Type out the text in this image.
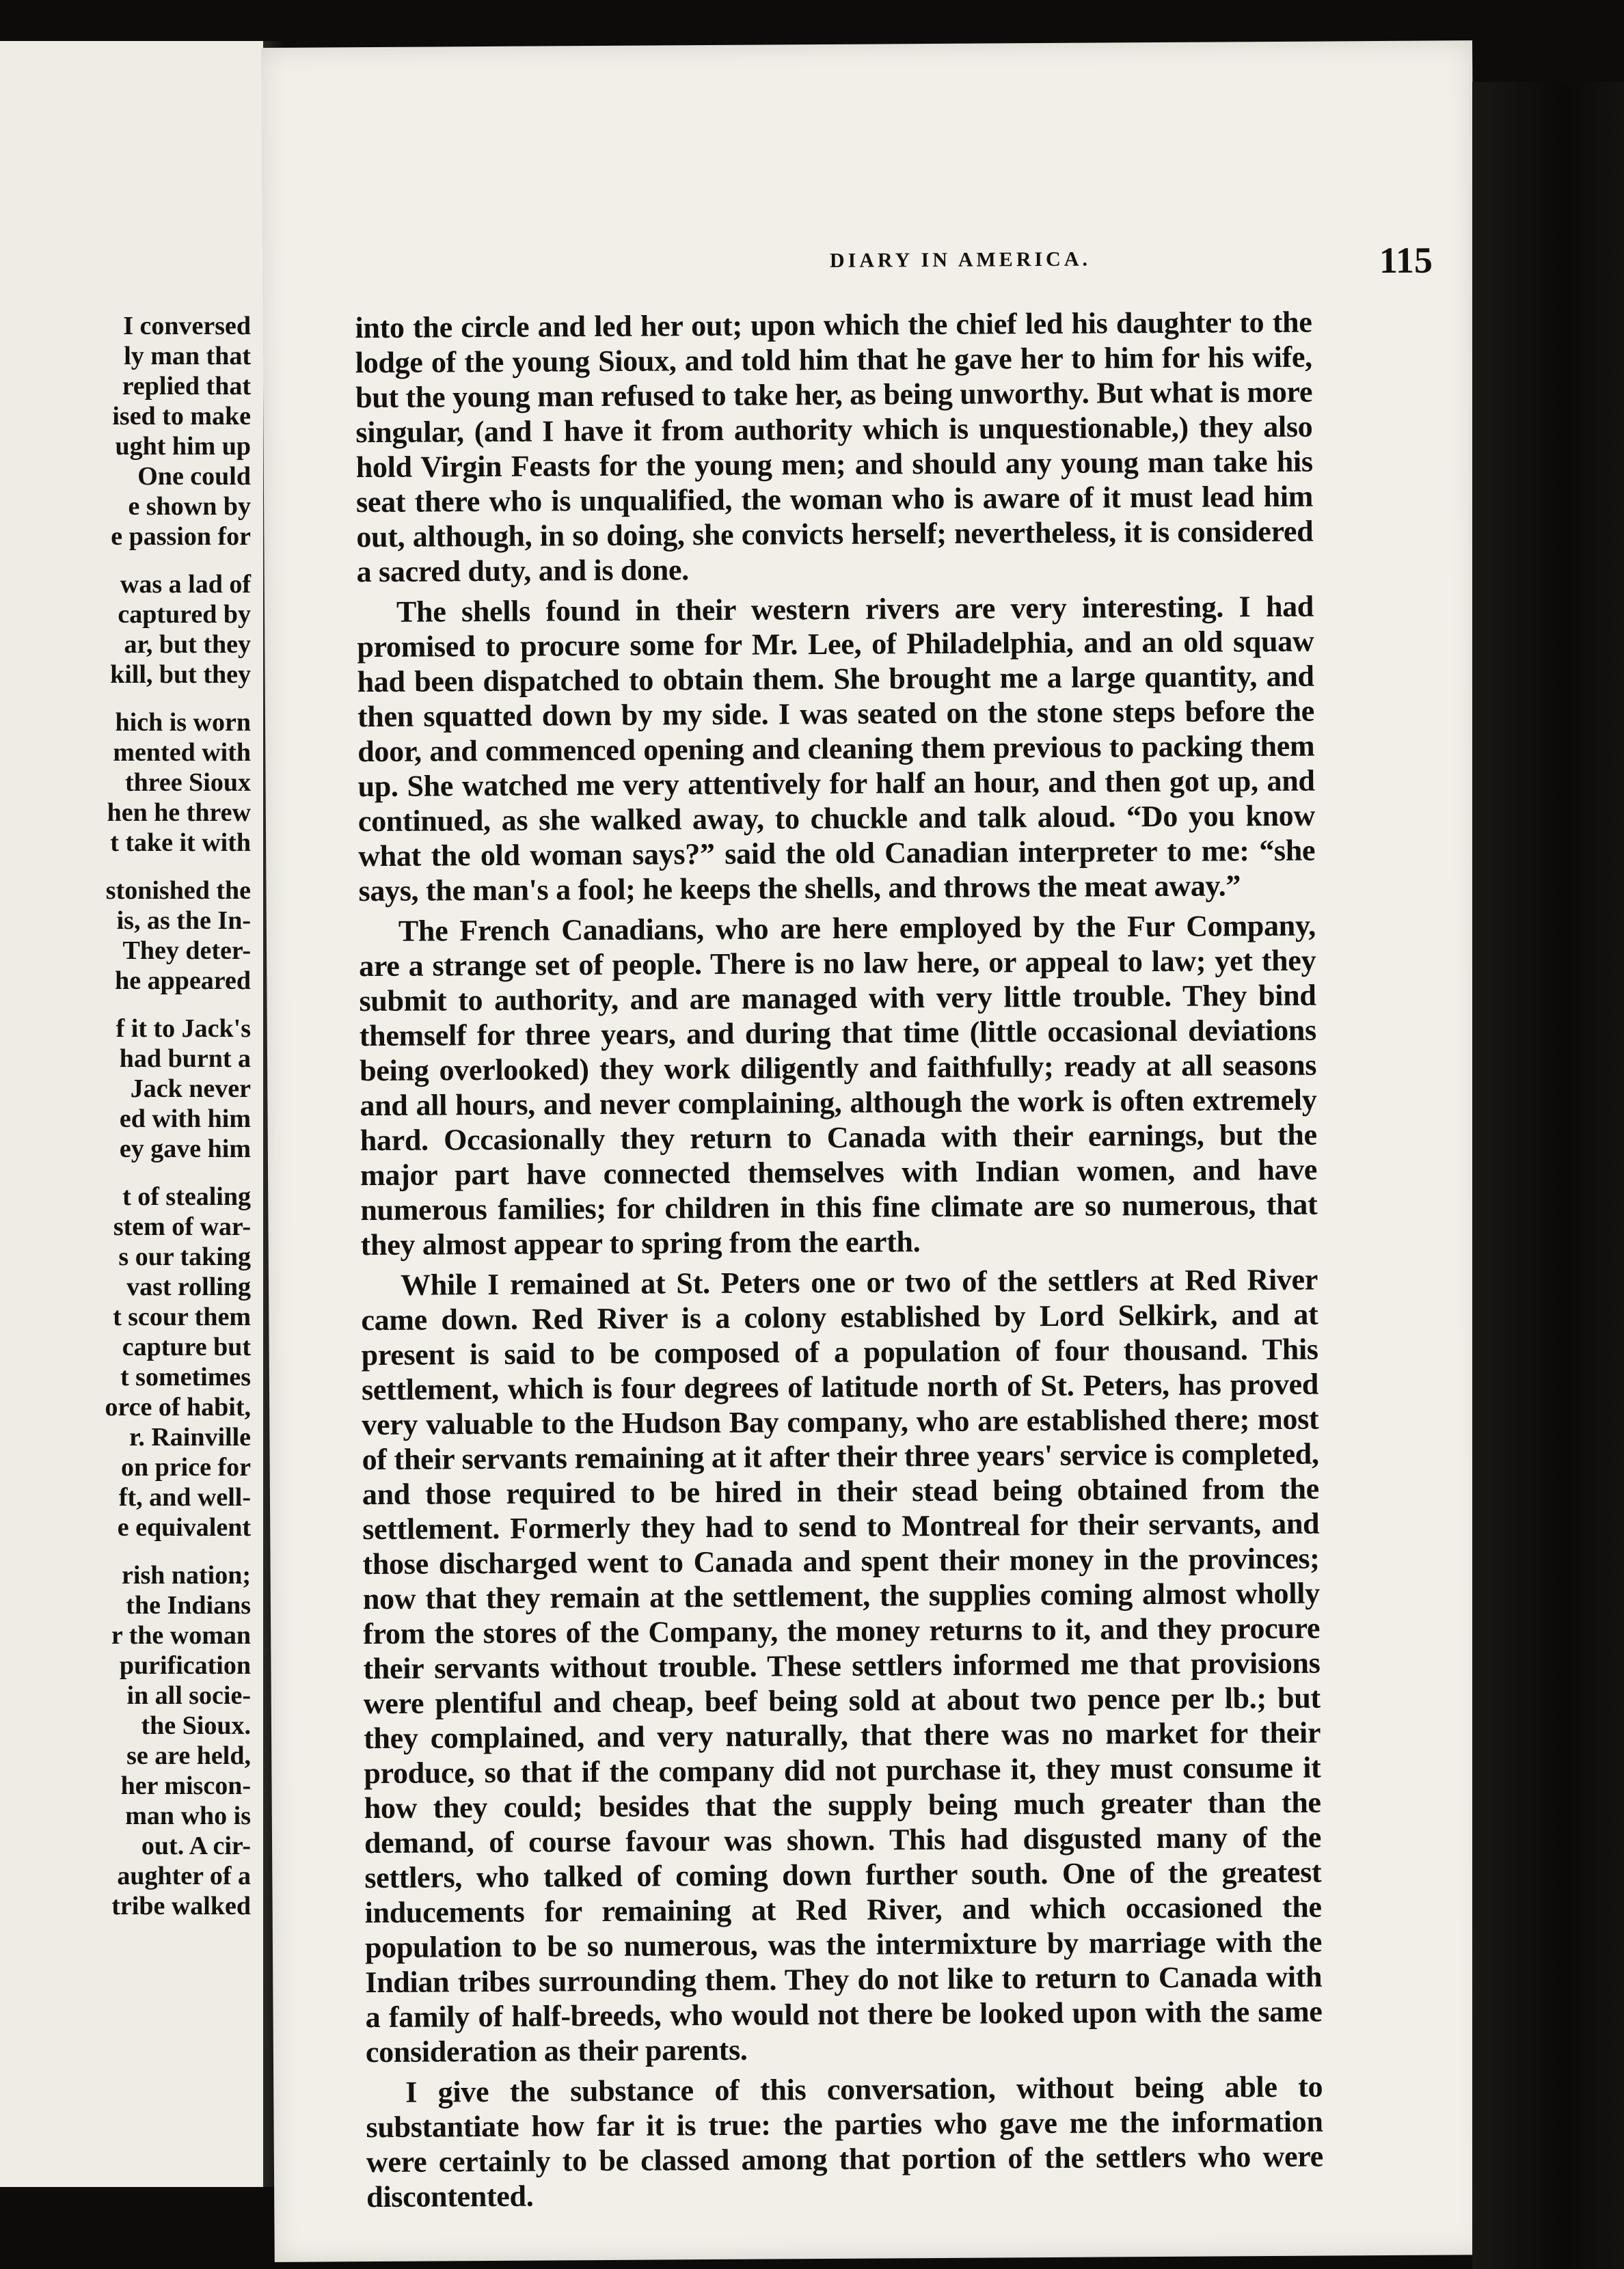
I conversed

ly man that

replied that

ised to make

ught him up

One could

e shown by

e passion for

was a lad of

captured by

ar, but they

kill, but they

hich is worn

mented with

three Sioux

hen he threw

t take it with

stonished the

is, as the In-

They deter-

he appeared

f it to Jack's

had burnt a

Jack never

ed with him

ey gave him

t of stealing

stem of war-

s our taking

vast rolling

t scour them

capture but

t sometimes

orce of habit,

r. Rainville

on price for

ft, and well-

e equivalent

rish nation;

the Indians

r the woman

purification

in all socie-

the Sioux.

se are held,

her miscon-

man who is

out. A cir-

aughter of a

tribe walked

DIARY IN AMERICA.	115

into the circle and led her out; upon which the chief led his daughter to the lodge of the young Sioux, and told him that he gave her to him for his wife, but the young man refused to take her, as being unworthy. But what is more singular, (and I have it from authority which is unquestionable,) they also hold Virgin Feasts for the young men; and should any young man take his seat there who is unqualified, the woman who is aware of it must lead him out, although, in so doing, she convicts herself; nevertheless, it is considered a sacred duty, and is done.

The shells found in their western rivers are very interesting. I had promised to procure some for Mr. Lee, of Philadelphia, and an old squaw had been dispatched to obtain them. She brought me a large quantity, and then squatted down by my side. I was seated on the stone steps before the door, and commenced opening and cleaning them previous to packing them up. She watched me very attentively for half an hour, and then got up, and continued, as she walked away, to chuckle and talk aloud. “Do you know what the old woman says?” said the old Canadian interpreter to me: “she says, the man's a fool; he keeps the shells, and throws the meat away.”

The French Canadians, who are here employed by the Fur Company, are a strange set of people. There is no law here, or appeal to law; yet they submit to authority, and are managed with very little trouble. They bind themself for three years, and during that time (little occasional deviations being overlooked) they work diligently and faithfully; ready at all seasons and all hours, and never complaining, although the work is often extremely hard. Occasionally they return to Canada with their earnings, but the major part have connected themselves with Indian women, and have numerous families; for children in this fine climate are so numerous, that they almost appear to spring from the earth.

While I remained at St. Peters one or two of the settlers at Red River came down. Red River is a colony established by Lord Selkirk, and at present is said to be composed of a population of four thousand. This settlement, which is four degrees of latitude north of St. Peters, has proved very valuable to the Hudson Bay company, who are established there; most of their servants remaining at it after their three years' service is completed, and those required to be hired in their stead being obtained from the settlement. Formerly they had to send to Montreal for their servants, and those discharged went to Canada and spent their money in the provinces; now that they remain at the settlement, the supplies coming almost wholly from the stores of the Company, the money returns to it, and they procure their servants without trouble. These settlers informed me that provisions were plentiful and cheap, beef being sold at about two pence per lb.; but they complained, and very naturally, that there was no market for their produce, so that if the company did not purchase it, they must consume it how they could; besides that the supply being much greater than the demand, of course favour was shown. This had disgusted many of the settlers, who talked of coming down further south. One of the greatest inducements for remaining at Red River, and which occasioned the population to be so numerous, was the intermixture by marriage with the Indian tribes surrounding them. They do not like to return to Canada with a family of half-breeds, who would not there be looked upon with the same consideration as their parents.

I give the substance of this conversation, without being able to substantiate how far it is true: the parties who gave me the information were certainly to be classed among that portion of the settlers who were discontented.
